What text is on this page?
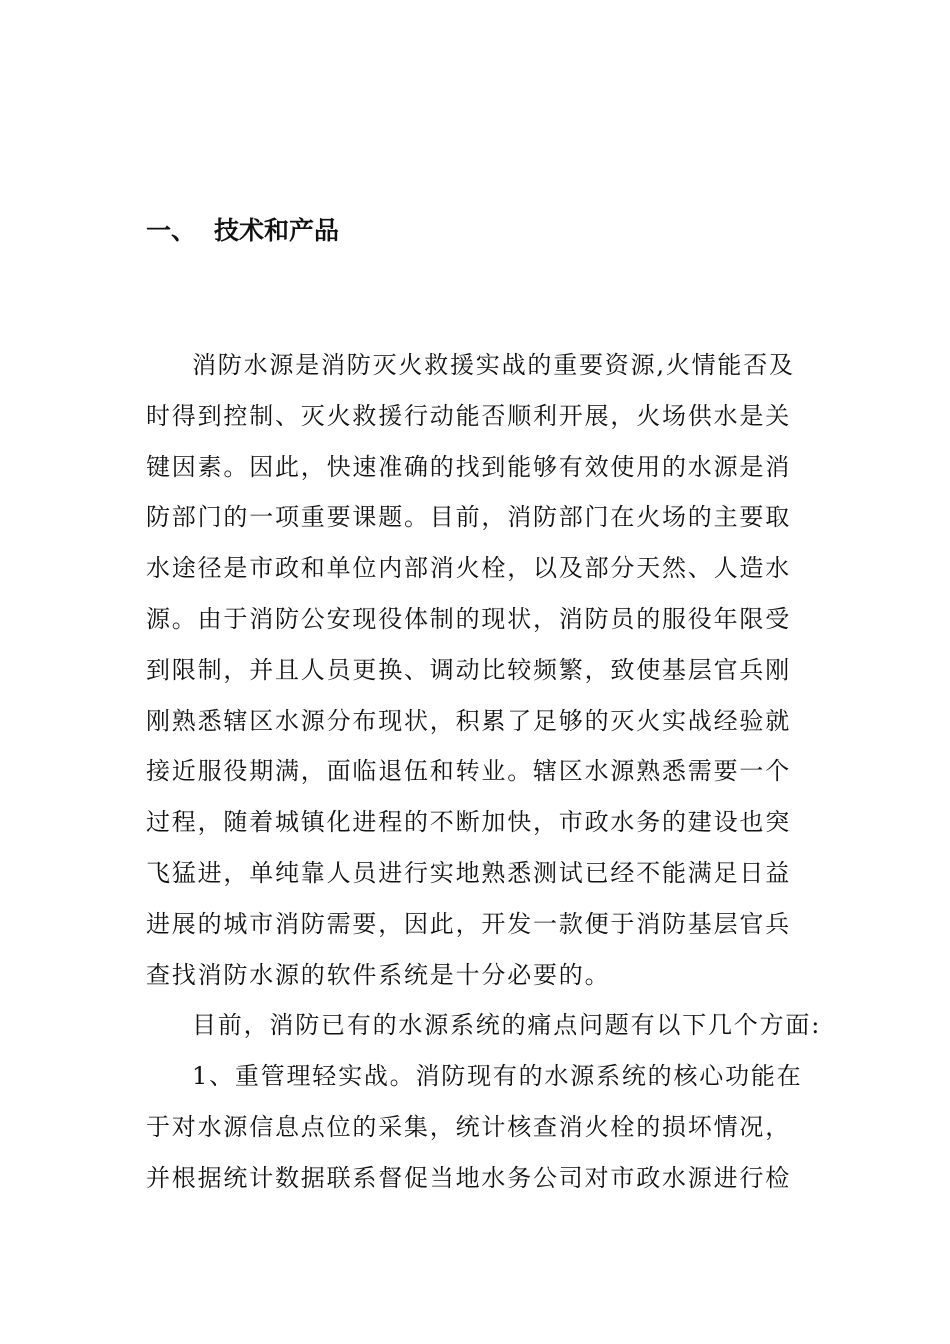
一、 技术和产品
消防水源是消防灭火救援实战的重要资源,火情能否及
时得到控制、灭火救援行动能否顺利开展，火场供水是关
键因素。因此，快速准确的找到能够有效使用的水源是消
防部门的一项重要课题。目前，消防部门在火场的主要取
水途径是市政和单位内部消火栓，以及部分天然、人造水
源。由于消防公安现役体制的现状，消防员的服役年限受
到限制，并且人员更换、调动比较频繁，致使基层官兵刚
刚熟悉辖区水源分布现状，积累了足够的灭火实战经验就
接近服役期满，面临退伍和转业。辖区水源熟悉需要一个
过程，随着城镇化进程的不断加快，市政水务的建设也突
飞猛进，单纯靠人员进行实地熟悉测试已经不能满足日益
进展的城市消防需要，因此，开发一款便于消防基层官兵
查找消防水源的软件系统是十分必要的。
目前，消防已有的水源系统的痛点问题有以下几个方面:
1、重管理轻实战。消防现有的水源系统的核心功能在
于对水源信息点位的采集，统计核查消火栓的损坏情况，
并根据统计数据联系督促当地水务公司对市政水源进行检
